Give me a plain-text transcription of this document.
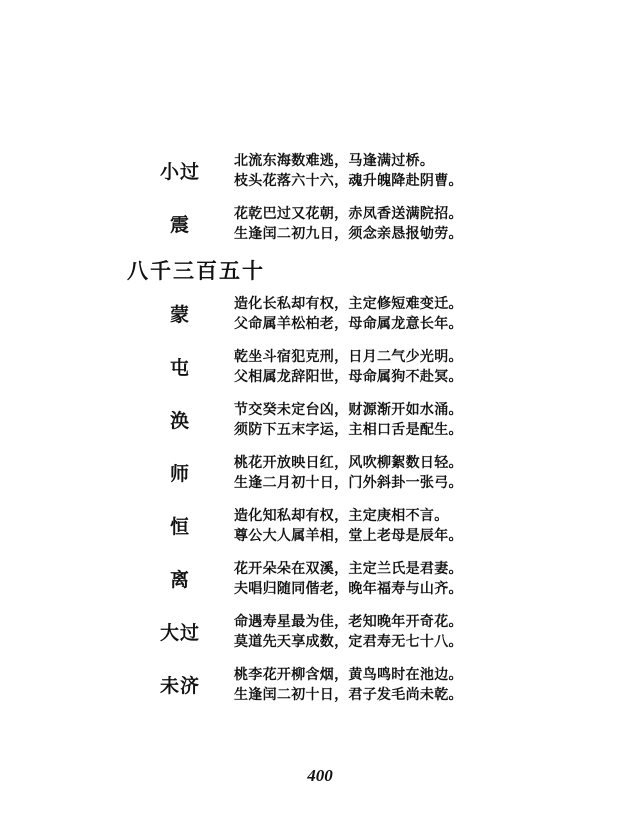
小过	北流东海数难逃，马逢满过桥。
枝头花落六十六，魂升魄降赴阴曹。
震	花乾巴过又花朝，赤凤香送满院招。
生逢闰二初九日，须念亲恳报劬劳。
八千三百五十
蒙	造化长私却有权，主定修短难变迁。
父命属羊松柏老，母命属龙意长年。
屯	乾坐斗宿犯克刑，日月二气少光明。
父相属龙辞阳世，母命属狗不赴冥。
涣	节交癸未定台凶，财源渐开如水涌。
须防下五末字运，主相口舌是配生。
师	桃花开放映日红，风吹柳絮数日轻。
生逢二月初十日，门外斜卦一张弓。
恒	造化知私却有权，主定庚相不言。
尊公大人属羊相，堂上老母是辰年。
离	花开朵朵在双溪，主定兰氏是君妻。
夫唱归随同偕老，晚年福寿与山齐。
大过	命遇寿星最为佳，老知晚年开奇花。
莫道先天享成数，定君寿无七十八。
未济	桃李花开柳含烟，黄鸟鸣时在池边。
生逢闰二初十日，君子发毛尚未乾。
400
